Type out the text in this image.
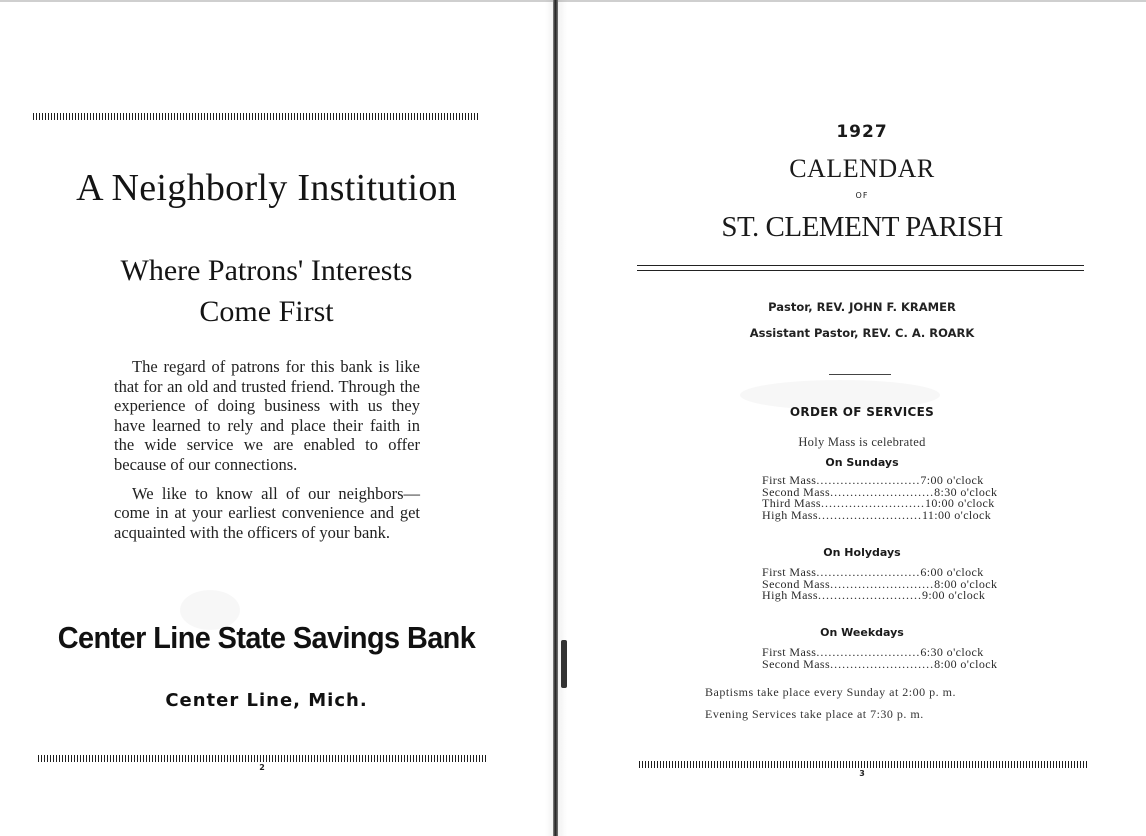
A Neighborly Institution
Where Patrons' Interests
Come First

The regard of patrons for this bank is like that for an old and trusted friend. Through the experience of doing business with us they have learned to rely and place their faith in the wide service we are enabled to offer because of our connections.

We like to know all of our neighbors—come in at your earliest convenience and get acquainted with the officers of your bank.

Center Line State Savings Bank
Center Line, Mich.
2
1927
CALENDAR
OF
ST. CLEMENT PARISH
Pastor, REV. JOHN F. KRAMER
Assistant Pastor, REV. C. A. ROARK
ORDER OF SERVICES
Holy Mass is celebrated
On Sundays
First Mass .......................... 7:00 o'clock
Second Mass .......................... 8:30 o'clock
Third Mass .......................... 10:00 o'clock
High Mass .......................... 11:00 o'clock
On Holydays
First Mass .......................... 6:00 o'clock
Second Mass .......................... 8:00 o'clock
High Mass .......................... 9:00 o'clock
On Weekdays
First Mass .......................... 6:30 o'clock
Second Mass .......................... 8:00 o'clock
Baptisms take place every Sunday at 2:00 p. m.
Evening Services take place at 7:30 p. m.
3
